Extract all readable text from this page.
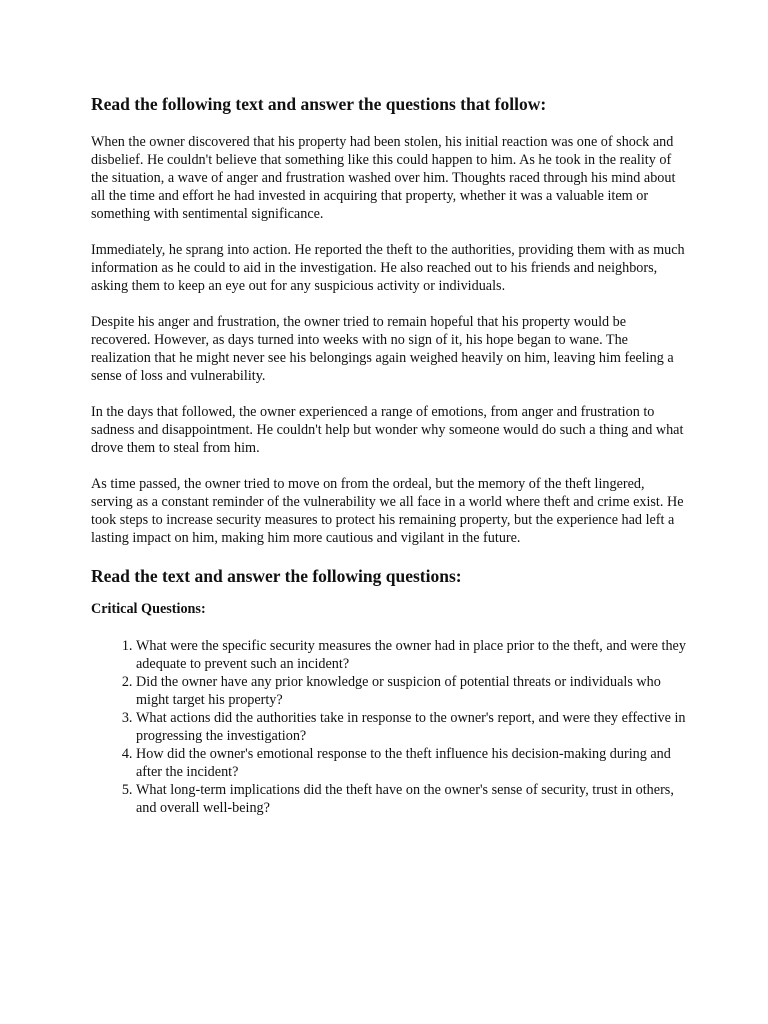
Read the following text and answer the questions that follow:

When the owner discovered that his property had been stolen, his initial reaction was one of shock and disbelief. He couldn't believe that something like this could happen to him. As he took in the reality of the situation, a wave of anger and frustration washed over him. Thoughts raced through his mind about all the time and effort he had invested in acquiring that property, whether it was a valuable item or something with sentimental significance.

Immediately, he sprang into action. He reported the theft to the authorities, providing them with as much information as he could to aid in the investigation. He also reached out to his friends and neighbors, asking them to keep an eye out for any suspicious activity or individuals.

Despite his anger and frustration, the owner tried to remain hopeful that his property would be recovered. However, as days turned into weeks with no sign of it, his hope began to wane. The realization that he might never see his belongings again weighed heavily on him, leaving him feeling a sense of loss and vulnerability.

In the days that followed, the owner experienced a range of emotions, from anger and frustration to sadness and disappointment. He couldn't help but wonder why someone would do such a thing and what drove them to steal from him.

As time passed, the owner tried to move on from the ordeal, but the memory of the theft lingered, serving as a constant reminder of the vulnerability we all face in a world where theft and crime exist. He took steps to increase security measures to protect his remaining property, but the experience had left a lasting impact on him, making him more cautious and vigilant in the future.

Read the text and answer the following questions:
Critical Questions:
1. What were the specific security measures the owner had in place prior to the theft, and were they adequate to prevent such an incident?
2. Did the owner have any prior knowledge or suspicion of potential threats or individuals who might target his property?
3. What actions did the authorities take in response to the owner's report, and were they effective in progressing the investigation?
4. How did the owner's emotional response to the theft influence his decision-making during and after the incident?
5. What long-term implications did the theft have on the owner's sense of security, trust in others, and overall well-being?
